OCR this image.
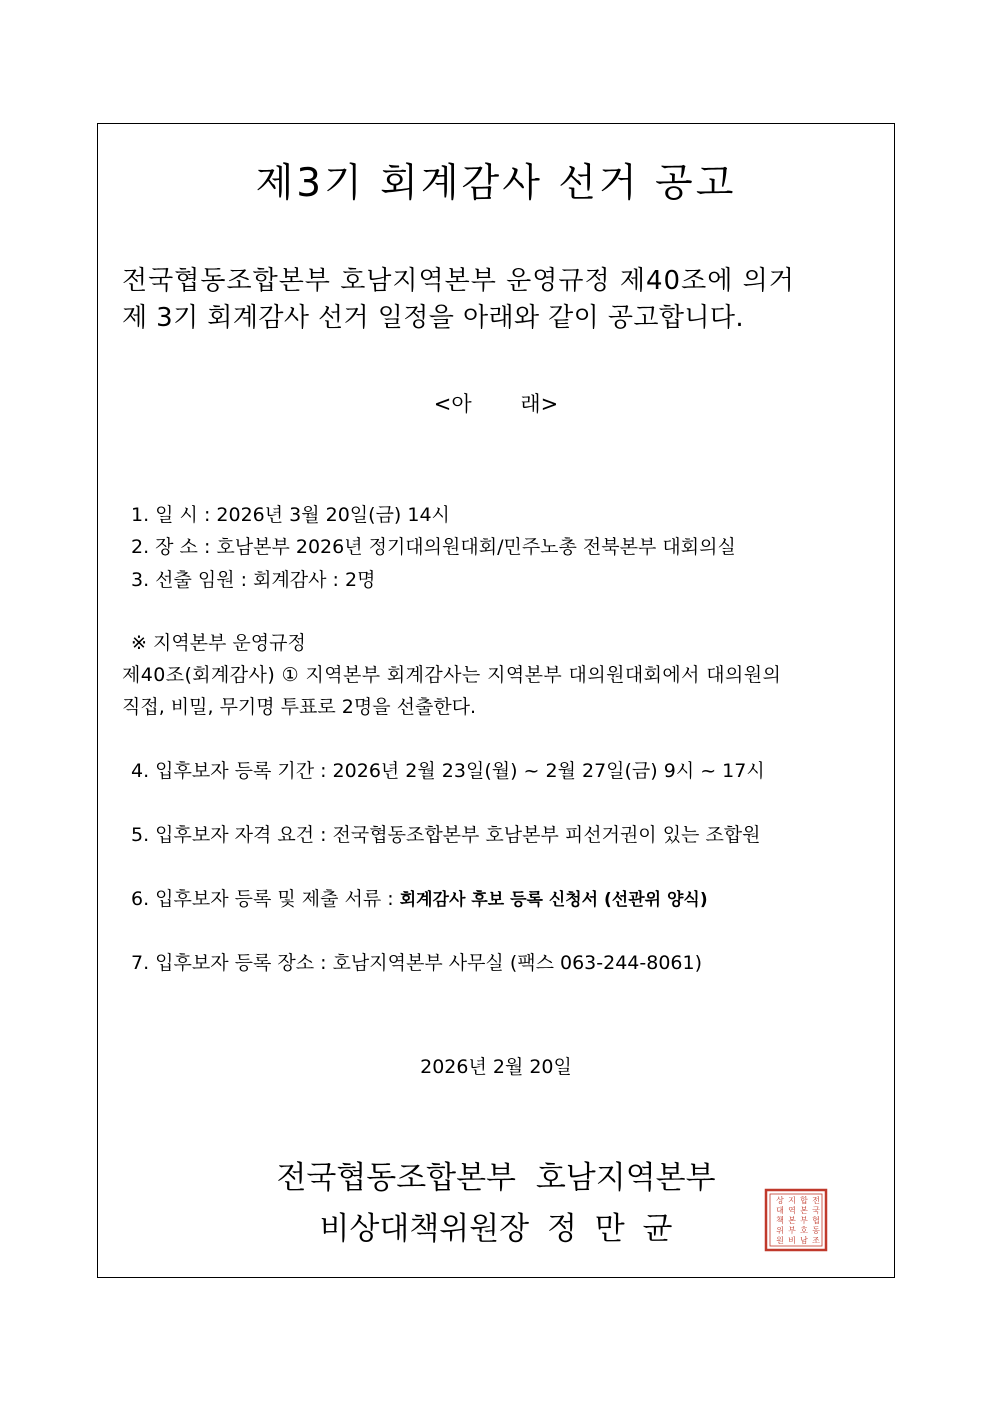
제3기 회계감사 선거 공고
전국협동조합본부 호남지역본부 운영규정 제40조에 의거
제 3기 회계감사 선거 일정을 아래와 같이 공고합니다.
<아 래>
1. 일 시 : 2026년 3월 20일(금) 14시
2. 장 소 : 호남본부 2026년 정기대의원대회/민주노총 전북본부 대회의실
3. 선출 임원 : 회계감사 : 2명
※ 지역본부 운영규정
제40조(회계감사) ① 지역본부 회계감사는 지역본부 대의원대회에서 대의원의
직접, 비밀, 무기명 투표로 2명을 선출한다.
4. 입후보자 등록 기간 : 2026년 2월 23일(월) ~ 2월 27일(금) 9시 ~ 17시
5. 입후보자 자격 요건 : 전국협동조합본부 호남본부 피선거권이 있는 조합원
6. 입후보자 등록 및 제출 서류 : 회계감사 후보 등록 신청서 (선관위 양식)
7. 입후보자 등록 장소 : 호남지역본부 사무실 (팩스 063-244-8061)
2026년 2월 20일
전국협동조합본부 호남지역본부
비상대책위원장 정 만 균
전
국
협
동
조
합
본
부
호
남
지
역
본
부
비
상
대
책
위
원
